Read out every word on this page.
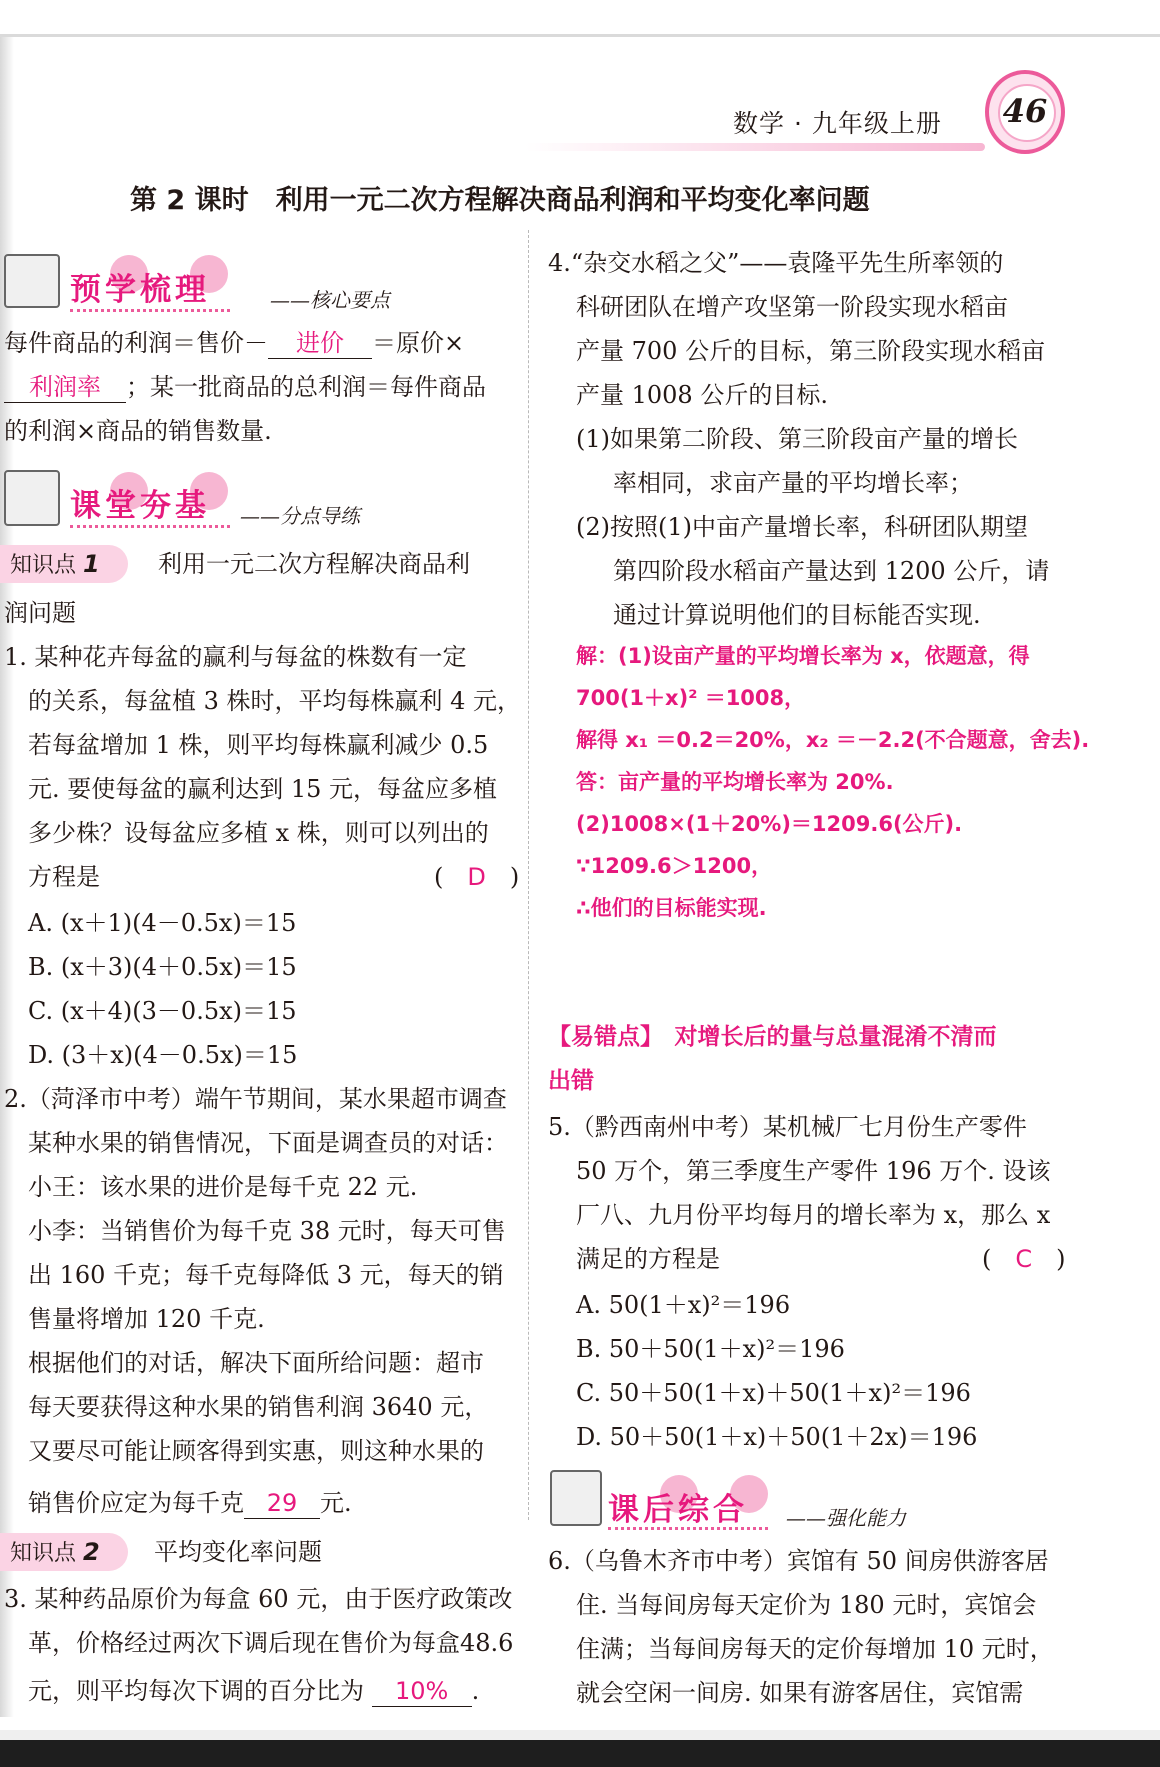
数学 · 九年级上册 46
第 2 课时　利用一元二次方程解决商品利润和平均变化率问题
预学梳理	——核心要点
每件商品的利润＝售价－ 进价 ＝原价×
利润率 ；某一批商品的总利润＝每件商品
的利润×商品的销售数量.
课堂夯基 ——分点导练
知识点 1	利用一元二次方程解决商品利
润问题
1. 某种花卉每盆的赢利与每盆的株数有一定
的关系，每盆植 3 株时，平均每株赢利 4 元，
若每盆增加 1 株，则平均每株赢利减少 0.5
元. 要使每盆的赢利达到 15 元，每盆应多植
多少株？设每盆应多植 x 株，则可以列出的
方程是	(　D　)
A. (x＋1)(4－0.5x)＝15
B. (x＋3)(4＋0.5x)＝15
C. (x＋4)(3－0.5x)＝15
D. (3＋x)(4－0.5x)＝15
2.（菏泽市中考）端午节期间，某水果超市调查
某种水果的销售情况，下面是调查员的对话：
小王：该水果的进价是每千克 22 元.
小李：当销售价为每千克 38 元时，每天可售
出 160 千克；每千克每降低 3 元，每天的销
售量将增加 120 千克.
根据他们的对话，解决下面所给问题：超市
每天要获得这种水果的销售利润 3640 元，
又要尽可能让顾客得到实惠，则这种水果的
销售价应定为每千克 29 元.
知识点 2	平均变化率问题
3. 某种药品原价为每盒 60 元，由于医疗政策改
革，价格经过两次下调后现在售价为每盒48.6
元，则平均每次下调的百分比为 10% .
4.“杂交水稻之父”——袁隆平先生所率领的
科研团队在增产攻坚第一阶段实现水稻亩
产量 700 公斤的目标，第三阶段实现水稻亩
产量 1008 公斤的目标.
(1)如果第二阶段、第三阶段亩产量的增长
率相同，求亩产量的平均增长率；
(2)按照(1)中亩产量增长率，科研团队期望
第四阶段水稻亩产量达到 1200 公斤，请
通过计算说明他们的目标能否实现.
解：(1)设亩产量的平均增长率为 x，依题意，得
700(1＋x)² ＝1008，
解得 x₁ ＝0.2＝20%，x₂ ＝－2.2(不合题意，舍去).
答：亩产量的平均增长率为 20%.
(2)1008×(1＋20%)＝1209.6(公斤).
∵1209.6＞1200，
∴他们的目标能实现.
【易错点】　对增长后的量与总量混淆不清而
出错
5.（黔西南州中考）某机械厂七月份生产零件
50 万个，第三季度生产零件 196 万个. 设该
厂八、九月份平均每月的增长率为 x，那么 x
满足的方程是	(　C　)
A. 50(1＋x)²＝196
B. 50＋50(1＋x)²＝196
C. 50＋50(1＋x)＋50(1＋x)²＝196
D. 50＋50(1＋x)＋50(1＋2x)＝196
课后综合 ——强化能力
6.（乌鲁木齐市中考）宾馆有 50 间房供游客居
住. 当每间房每天定价为 180 元时，宾馆会
住满；当每间房每天的定价每增加 10 元时，
就会空闲一间房. 如果有游客居住，宾馆需
